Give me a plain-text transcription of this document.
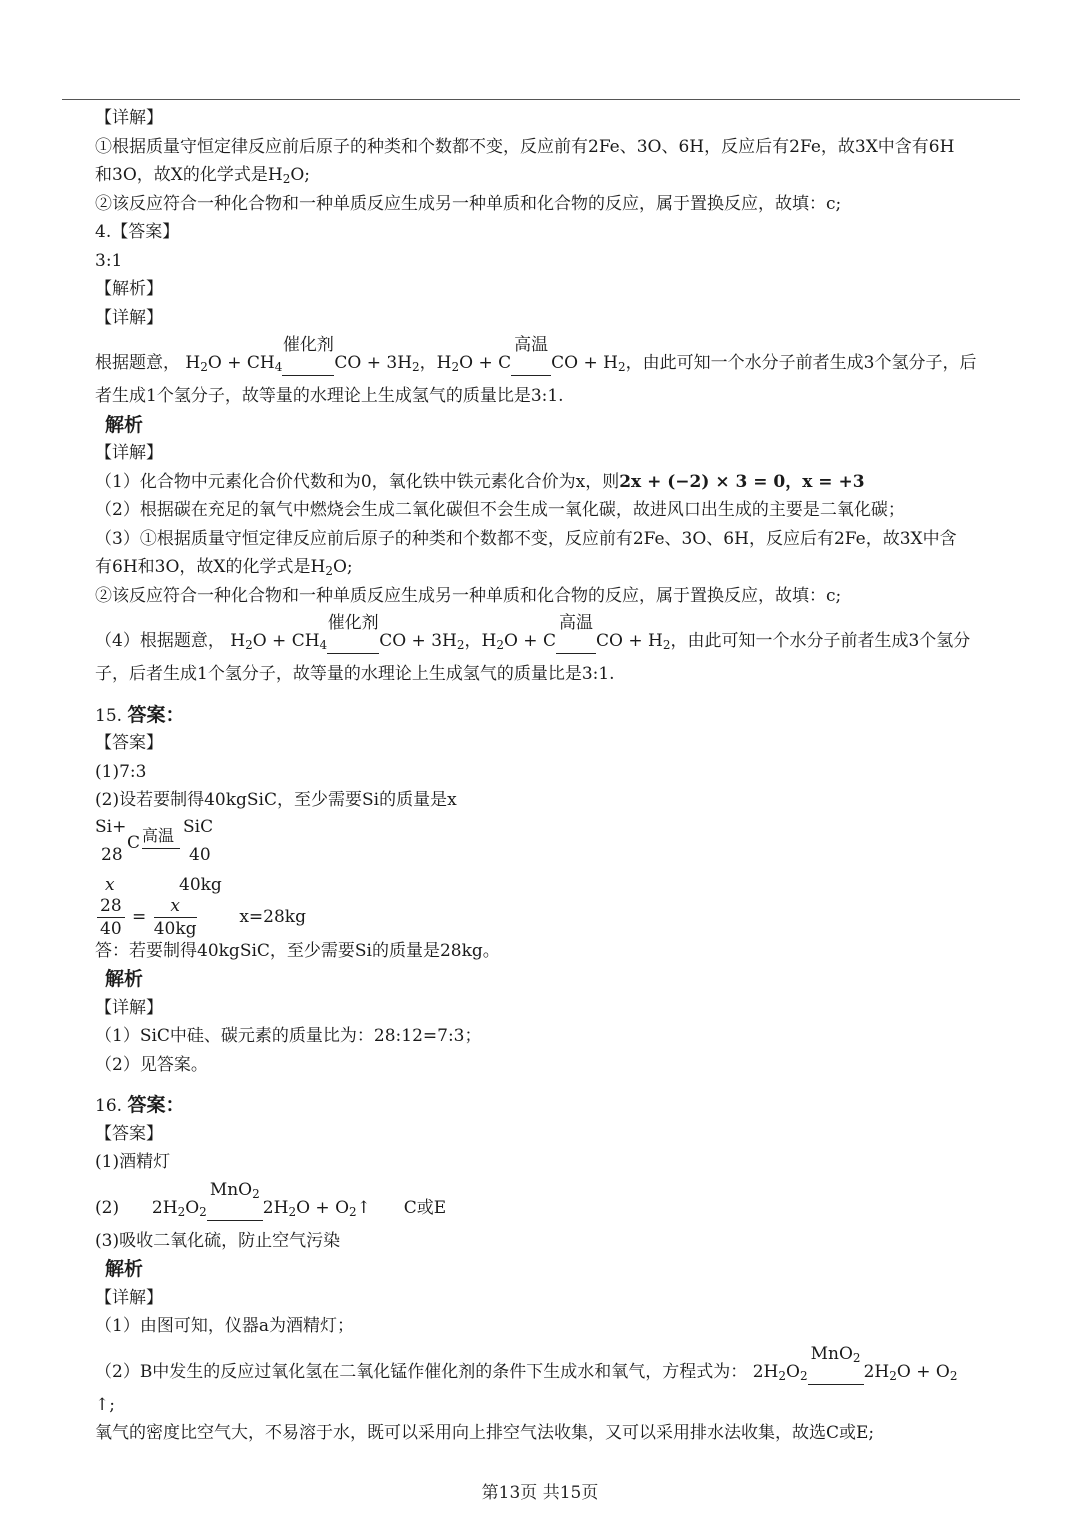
【详解】
①根据质量守恒定律反应前后原子的种类和个数都不变，反应前有2Fe、3O、6H，反应后有2Fe，故3X中含有6H
和3O，故X的化学式是$H_2O$;
②该反应符合一种化合物和一种单质反应生成另一种单质和化合物的反应，属于置换反应，故填：c;
4.【答案】
3:1
【解析】
【详解】
根据题意， $H_2O + CH_4$
催化剂
CO + $3H_2$，$H_2O + C$
高温
CO + $H_2$，由此可知一个水分子前者生成3个氢分子，后
者生成1个氢分子，故等量的水理论上生成氢气的质量比是3:1.
解析
【详解】
（1）化合物中元素化合价代数和为0，氧化铁中铁元素化合价为x，则2x + (−2) × 3 = 0，x = +3
（2）根据碳在充足的氧气中燃烧会生成二氧化碳但不会生成一氧化碳，故进风口出生成的主要是二氧化碳；
（3）①根据质量守恒定律反应前后原子的种类和个数都不变，反应前有2Fe、3O、6H，反应后有2Fe，故3X中含
有6H和3O，故X的化学式是$H_2O$;
②该反应符合一种化合物和一种单质反应生成另一种单质和化合物的反应，属于置换反应，故填：c;
（4）根据题意， $H_2O + CH_4$
催化剂
CO + $3H_2$，$H_2O + C$
高温
CO + $H_2$，由此可知一个水分子前者生成3个氢分
子，后者生成1个氢分子，故等量的水理论上生成氢气的质量比是3:1.
15. 答案：
【答案】
(1)7:3
(2)设若要制得40kgSiC，至少需要Si的质量是x
Si+
C 高温 SiC
28	40
x	40kg
$\frac{28}{40} = \frac{x}{40kg}$	x=28kg
答：若要制得40kgSiC，至少需要Si的质量是28kg。
解析
【详解】
（1）SiC中硅、碳元素的质量比为：28:12=7:3；
（2）见答案。
16. 答案：
【答案】
(1)酒精灯
(2) $2H_2O_2$
MnO$_2$
$2H_2O$ + $O_2↑$ C或E
(3)吸收二氧化硫，防止空气污染
解析
【详解】
（1）由图可知，仪器a为酒精灯；
（2）B中发生的反应过氧化氢在二氧化锰作催化剂的条件下生成水和氧气，方程式为： $2H_2O_2$
MnO$_2$
$2H_2O + O_2$
↑;
氧气的密度比空气大，不易溶于水，既可以采用向上排空气法收集，又可以采用排水法收集，故选C或E;
第13页 共15页
